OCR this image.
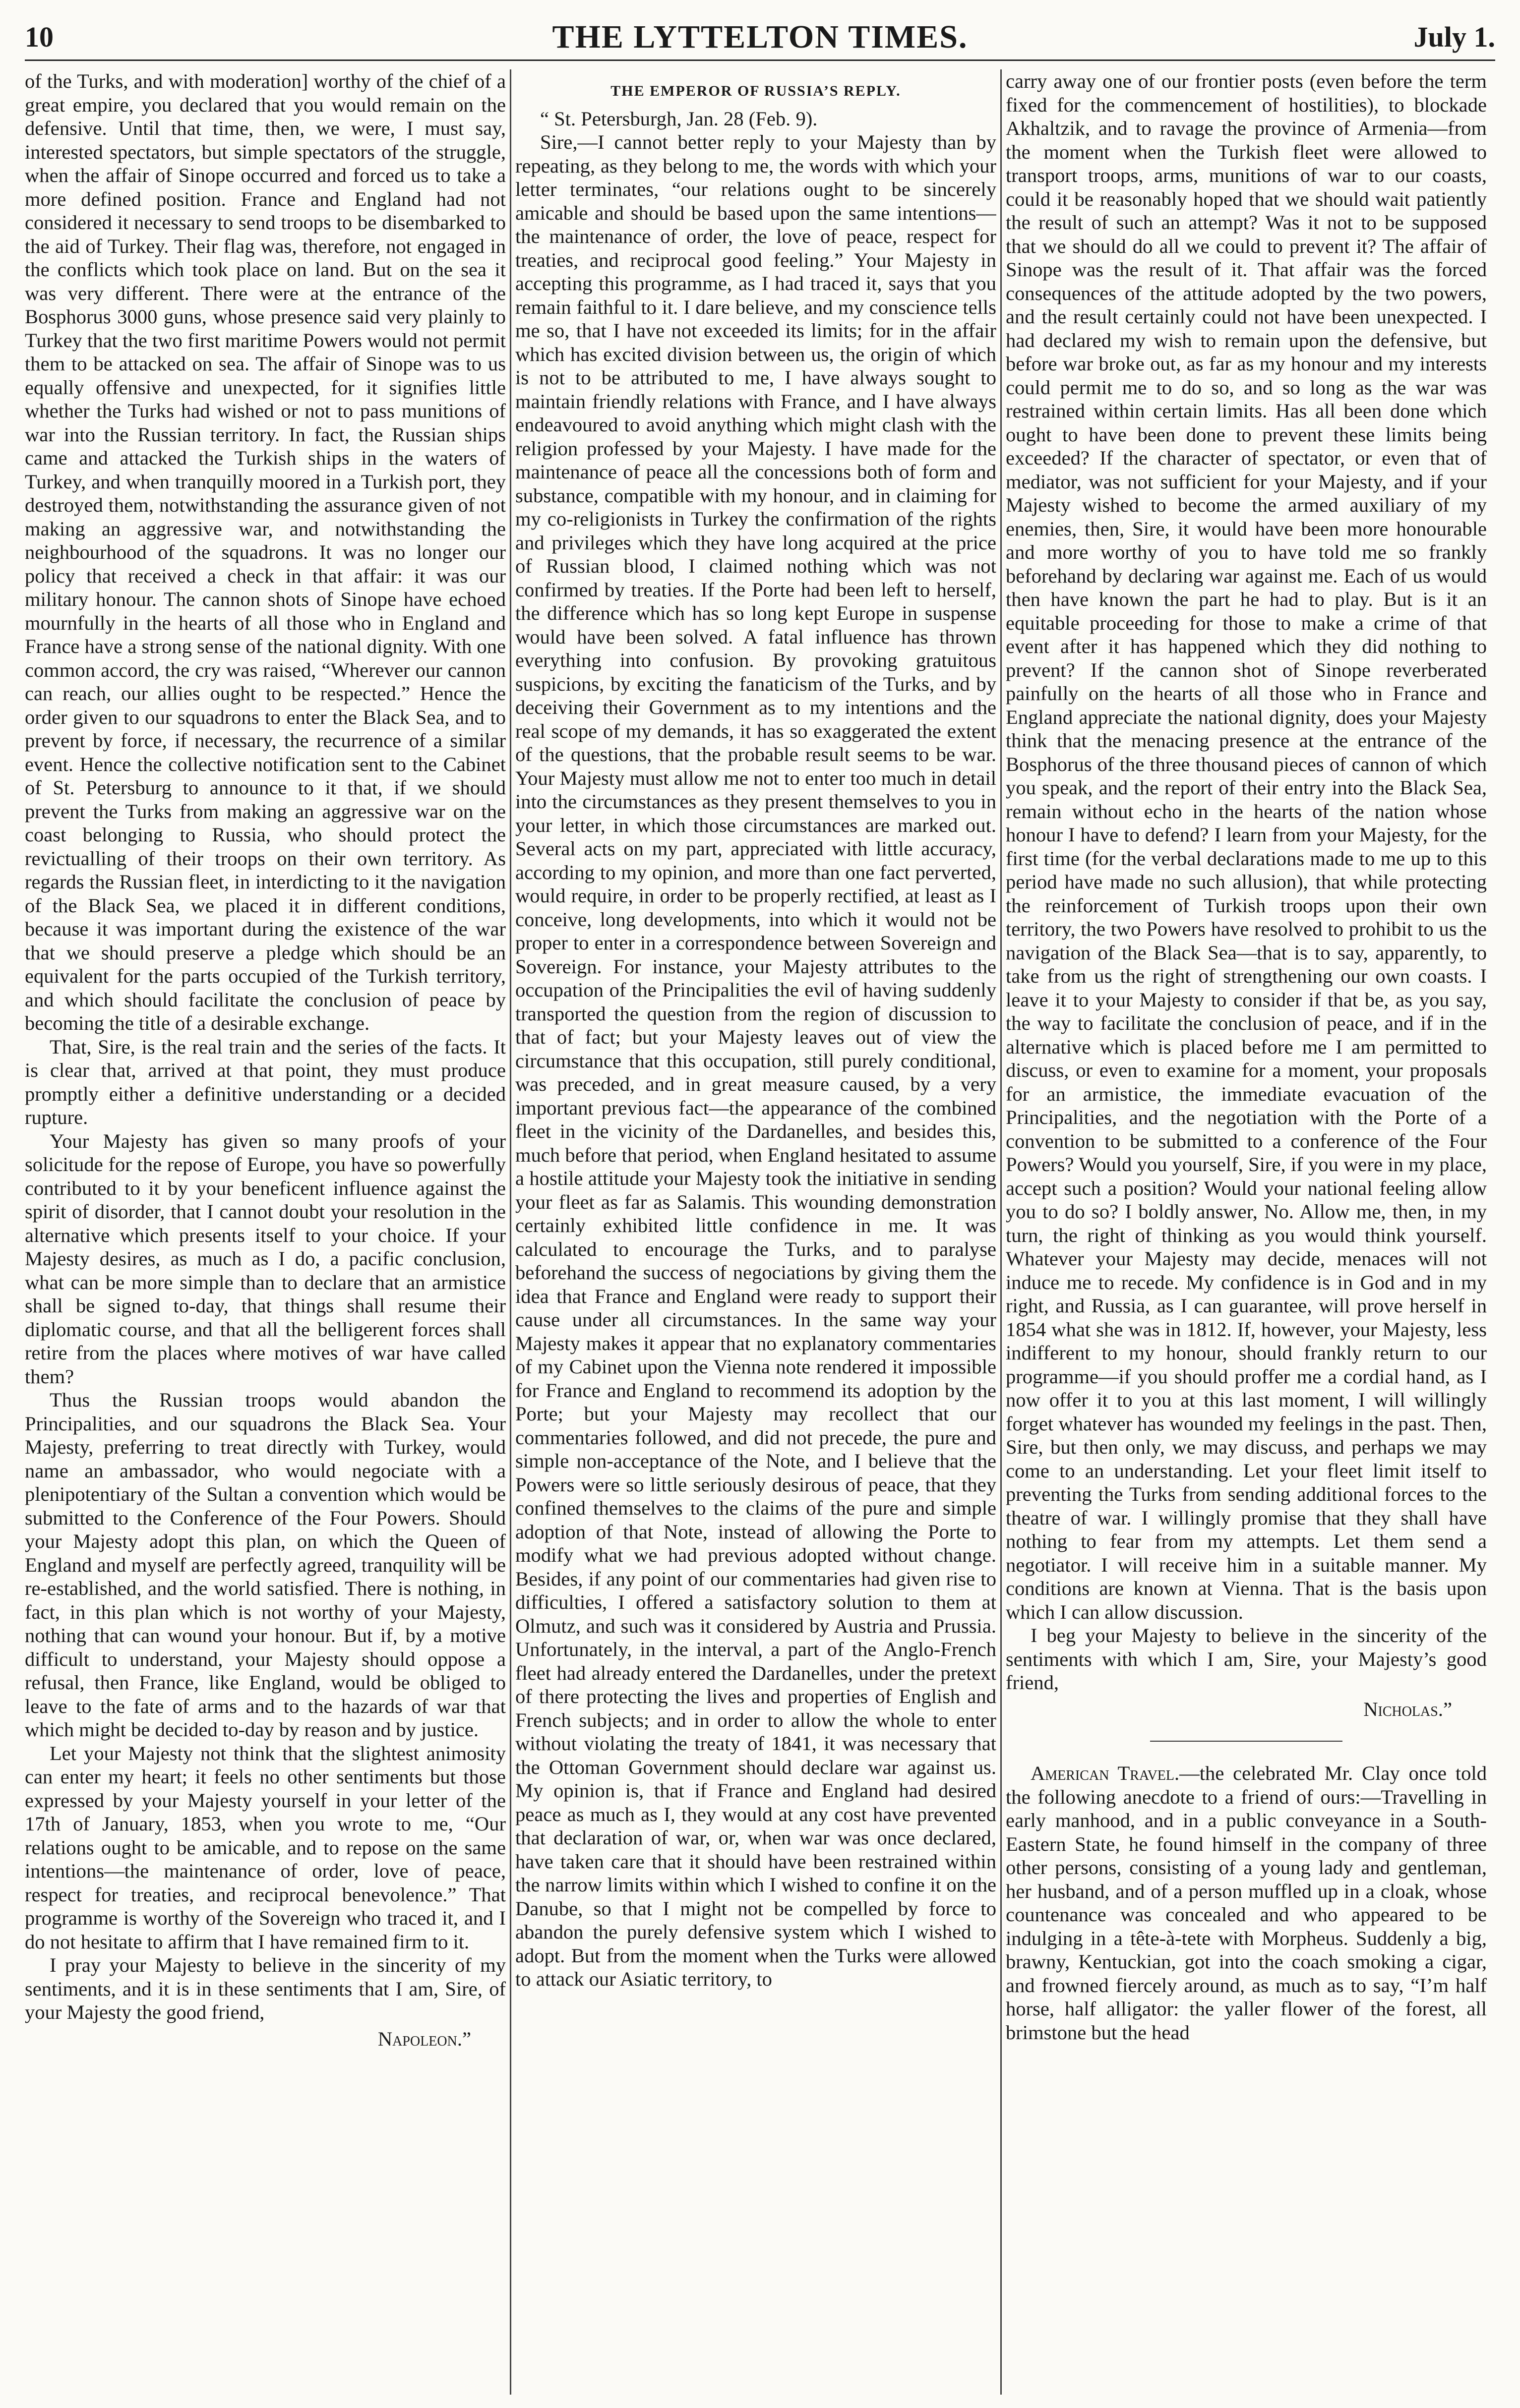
10	THE LYTTELTON TIMES.	July 1.

of the Turks, and with moderation] worthy of the chief of a great empire, you declared that you would remain on the defensive. Until that time, then, we were, I must say, interested spectators, but simple spectators of the struggle, when the affair of Sinope occurred and forced us to take a more defined position. France and England had not considered it necessary to send troops to be disembarked to the aid of Turkey. Their flag was, therefore, not engaged in the conflicts which took place on land. But on the sea it was very different. There were at the entrance of the Bosphorus 3000 guns, whose presence said very plainly to Turkey that the two first maritime Powers would not permit them to be attacked on sea. The affair of Sinope was to us equally offensive and unexpected, for it signifies little whether the Turks had wished or not to pass munitions of war into the Russian territory. In fact, the Russian ships came and attacked the Turkish ships in the waters of Turkey, and when tranquilly moored in a Turkish port, they destroyed them, notwithstanding the assurance given of not making an aggressive war, and notwithstanding the neighbourhood of the squadrons. It was no longer our policy that received a check in that affair: it was our military honour. The cannon shots of Sinope have echoed mournfully in the hearts of all those who in England and France have a strong sense of the national dignity. With one common accord, the cry was raised, “Wherever our cannon can reach, our allies ought to be respected.” Hence the order given to our squadrons to enter the Black Sea, and to prevent by force, if necessary, the recurrence of a similar event. Hence the collective notification sent to the Cabinet of St. Petersburg to announce to it that, if we should prevent the Turks from making an aggressive war on the coast belonging to Russia, who should protect the revictualling of their troops on their own territory. As regards the Russian fleet, in interdicting to it the navigation of the Black Sea, we placed it in different conditions, because it was important during the existence of the war that we should preserve a pledge which should be an equivalent for the parts occupied of the Turkish territory, and which should facilitate the conclusion of peace by becoming the title of a desirable exchange.

That, Sire, is the real train and the series of the facts. It is clear that, arrived at that point, they must produce promptly either a definitive understanding or a decided rupture.

Your Majesty has given so many proofs of your solicitude for the repose of Europe, you have so powerfully contributed to it by your beneficent influence against the spirit of disorder, that I cannot doubt your resolution in the alternative which presents itself to your choice. If your Majesty desires, as much as I do, a pacific conclusion, what can be more simple than to declare that an armistice shall be signed to-day, that things shall resume their diplomatic course, and that all the belligerent forces shall retire from the places where motives of war have called them?

Thus the Russian troops would abandon the Principalities, and our squadrons the Black Sea. Your Majesty, preferring to treat directly with Turkey, would name an ambassador, who would negociate with a plenipotentiary of the Sultan a convention which would be submitted to the Conference of the Four Powers. Should your Majesty adopt this plan, on which the Queen of England and myself are perfectly agreed, tranquility will be re-established, and the world satisfied. There is nothing, in fact, in this plan which is not worthy of your Majesty, nothing that can wound your honour. But if, by a motive difficult to understand, your Majesty should oppose a refusal, then France, like England, would be obliged to leave to the fate of arms and to the hazards of war that which might be decided to-day by reason and by justice.

Let your Majesty not think that the slightest animosity can enter my heart; it feels no other sentiments but those expressed by your Majesty yourself in your letter of the 17th of January, 1853, when you wrote to me, “Our relations ought to be amicable, and to repose on the same intentions—the maintenance of order, love of peace, respect for treaties, and reciprocal benevolence.” That programme is worthy of the Sovereign who traced it, and I do not hesitate to affirm that I have remained firm to it.

I pray your Majesty to believe in the sincerity of my sentiments, and it is in these sentiments that I am, Sire, of your Majesty the good friend,

Napoleon.”
THE EMPEROR OF RUSSIA’S REPLY.

“ St. Petersburgh, Jan. 28 (Feb. 9).

Sire,—I cannot better reply to your Majesty than by repeating, as they belong to me, the words with which your letter terminates, “our relations ought to be sincerely amicable and should be based upon the same intentions—the maintenance of order, the love of peace, respect for treaties, and reciprocal good feeling.” Your Majesty in accepting this programme, as I had traced it, says that you remain faithful to it. I dare believe, and my conscience tells me so, that I have not exceeded its limits; for in the affair which has excited division between us, the origin of which is not to be attributed to me, I have always sought to maintain friendly relations with France, and I have always endeavoured to avoid anything which might clash with the religion professed by your Majesty. I have made for the maintenance of peace all the concessions both of form and substance, compatible with my honour, and in claiming for my co-religionists in Turkey the confirmation of the rights and privileges which they have long acquired at the price of Russian blood, I claimed nothing which was not confirmed by treaties. If the Porte had been left to herself, the difference which has so long kept Europe in suspense would have been solved. A fatal influence has thrown everything into confusion. By provoking gratuitous suspicions, by exciting the fanaticism of the Turks, and by deceiving their Government as to my intentions and the real scope of my demands, it has so exaggerated the extent of the questions, that the probable result seems to be war. Your Majesty must allow me not to enter too much in detail into the circumstances as they present themselves to you in your letter, in which those circumstances are marked out. Several acts on my part, appreciated with little accuracy, according to my opinion, and more than one fact perverted, would require, in order to be properly rectified, at least as I conceive, long developments, into which it would not be proper to enter in a correspondence between Sovereign and Sovereign. For instance, your Majesty attributes to the occupation of the Principalities the evil of having suddenly transported the question from the region of discussion to that of fact; but your Majesty leaves out of view the circumstance that this occupation, still purely conditional, was preceded, and in great measure caused, by a very important previous fact—the appearance of the combined fleet in the vicinity of the Dardanelles, and besides this, much before that period, when England hesitated to assume a hostile attitude your Majesty took the initiative in sending your fleet as far as Salamis. This wounding demonstration certainly exhibited little confidence in me. It was calculated to encourage the Turks, and to paralyse beforehand the success of negociations by giving them the idea that France and England were ready to support their cause under all circumstances. In the same way your Majesty makes it appear that no explanatory commentaries of my Cabinet upon the Vienna note rendered it impossible for France and England to recommend its adoption by the Porte; but your Majesty may recollect that our commentaries followed, and did not precede, the pure and simple non-acceptance of the Note, and I believe that the Powers were so little seriously desirous of peace, that they confined themselves to the claims of the pure and simple adoption of that Note, instead of allowing the Porte to modify what we had previous adopted without change. Besides, if any point of our commentaries had given rise to difficulties, I offered a satisfactory solution to them at Olmutz, and such was it considered by Austria and Prussia. Unfortunately, in the interval, a part of the Anglo-French fleet had already entered the Dardanelles, under the pretext of there protecting the lives and properties of English and French subjects; and in order to allow the whole to enter without violating the treaty of 1841, it was necessary that the Ottoman Government should declare war against us. My opinion is, that if France and England had desired peace as much as I, they would at any cost have prevented that declaration of war, or, when war was once declared, have taken care that it should have been restrained within the narrow limits within which I wished to confine it on the Danube, so that I might not be compelled by force to abandon the purely defensive system which I wished to adopt. But from the moment when the Turks were allowed to attack our Asiatic territory, to

carry away one of our frontier posts (even before the term fixed for the commencement of hostilities), to blockade Akhaltzik, and to ravage the province of Armenia—from the moment when the Turkish fleet were allowed to transport troops, arms, munitions of war to our coasts, could it be reasonably hoped that we should wait patiently the result of such an attempt? Was it not to be supposed that we should do all we could to prevent it? The affair of Sinope was the result of it. That affair was the forced consequences of the attitude adopted by the two powers, and the result certainly could not have been unexpected. I had declared my wish to remain upon the defensive, but before war broke out, as far as my honour and my interests could permit me to do so, and so long as the war was restrained within certain limits. Has all been done which ought to have been done to prevent these limits being exceeded? If the character of spectator, or even that of mediator, was not sufficient for your Majesty, and if your Majesty wished to become the armed auxiliary of my enemies, then, Sire, it would have been more honourable and more worthy of you to have told me so frankly beforehand by declaring war against me. Each of us would then have known the part he had to play. But is it an equitable proceeding for those to make a crime of that event after it has happened which they did nothing to prevent? If the cannon shot of Sinope reverberated painfully on the hearts of all those who in France and England appreciate the national dignity, does your Majesty think that the menacing presence at the entrance of the Bosphorus of the three thousand pieces of cannon of which you speak, and the report of their entry into the Black Sea, remain without echo in the hearts of the nation whose honour I have to defend? I learn from your Majesty, for the first time (for the verbal declarations made to me up to this period have made no such allusion), that while protecting the reinforcement of Turkish troops upon their own territory, the two Powers have resolved to prohibit to us the navigation of the Black Sea—that is to say, apparently, to take from us the right of strengthening our own coasts. I leave it to your Majesty to consider if that be, as you say, the way to facilitate the conclusion of peace, and if in the alternative which is placed before me I am permitted to discuss, or even to examine for a moment, your proposals for an armistice, the immediate evacuation of the Principalities, and the negotiation with the Porte of a convention to be submitted to a conference of the Four Powers? Would you yourself, Sire, if you were in my place, accept such a position? Would your national feeling allow you to do so? I boldly answer, No. Allow me, then, in my turn, the right of thinking as you would think yourself. Whatever your Majesty may decide, menaces will not induce me to recede. My confidence is in God and in my right, and Russia, as I can guarantee, will prove herself in 1854 what she was in 1812. If, however, your Majesty, less indifferent to my honour, should frankly return to our programme—if you should proffer me a cordial hand, as I now offer it to you at this last moment, I will willingly forget whatever has wounded my feelings in the past. Then, Sire, but then only, we may discuss, and perhaps we may come to an understanding. Let your fleet limit itself to preventing the Turks from sending additional forces to the theatre of war. I willingly promise that they shall have nothing to fear from my attempts. Let them send a negotiator. I will receive him in a suitable manner. My conditions are known at Vienna. That is the basis upon which I can allow discussion.

I beg your Majesty to believe in the sincerity of the sentiments with which I am, Sire, your Majesty’s good friend,

Nicholas.”

American Travel.—the celebrated Mr. Clay once told the following anecdote to a friend of ours:—Travelling in early manhood, and in a public conveyance in a South-Eastern State, he found himself in the company of three other persons, consisting of a young lady and gentleman, her husband, and of a person muffled up in a cloak, whose countenance was concealed and who appeared to be indulging in a tête-à-tete with Morpheus. Suddenly a big, brawny, Kentuckian, got into the coach smoking a cigar, and frowned fiercely around, as much as to say, “I’m half horse, half alligator: the yaller flower of the forest, all brimstone but the head
